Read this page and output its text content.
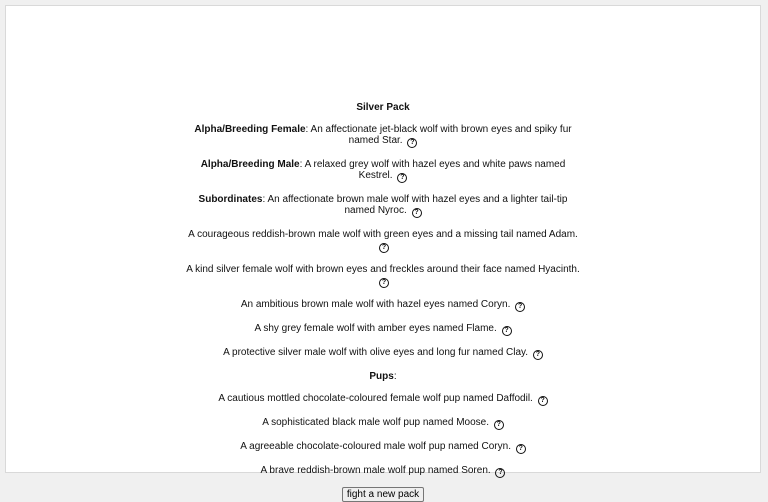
Silver Pack
Alpha/Breeding Female: An affectionate jet-black wolf with brown eyes and spiky fur named Star. ?
Alpha/Breeding Male: A relaxed grey wolf with hazel eyes and white paws named Kestrel. ?
Subordinates: An affectionate brown male wolf with hazel eyes and a lighter tail-tip named Nyroc. ?
A courageous reddish-brown male wolf with green eyes and a missing tail named Adam. ?
A kind silver female wolf with brown eyes and freckles around their face named Hyacinth. ?
An ambitious brown male wolf with hazel eyes named Coryn. ?
A shy grey female wolf with amber eyes named Flame. ?
A protective silver male wolf with olive eyes and long fur named Clay. ?
Pups:
A cautious mottled chocolate-coloured female wolf pup named Daffodil. ?
A sophisticated black male wolf pup named Moose. ?
A agreeable chocolate-coloured male wolf pup named Coryn. ?
A brave reddish-brown male wolf pup named Soren. ?
fight a new pack
